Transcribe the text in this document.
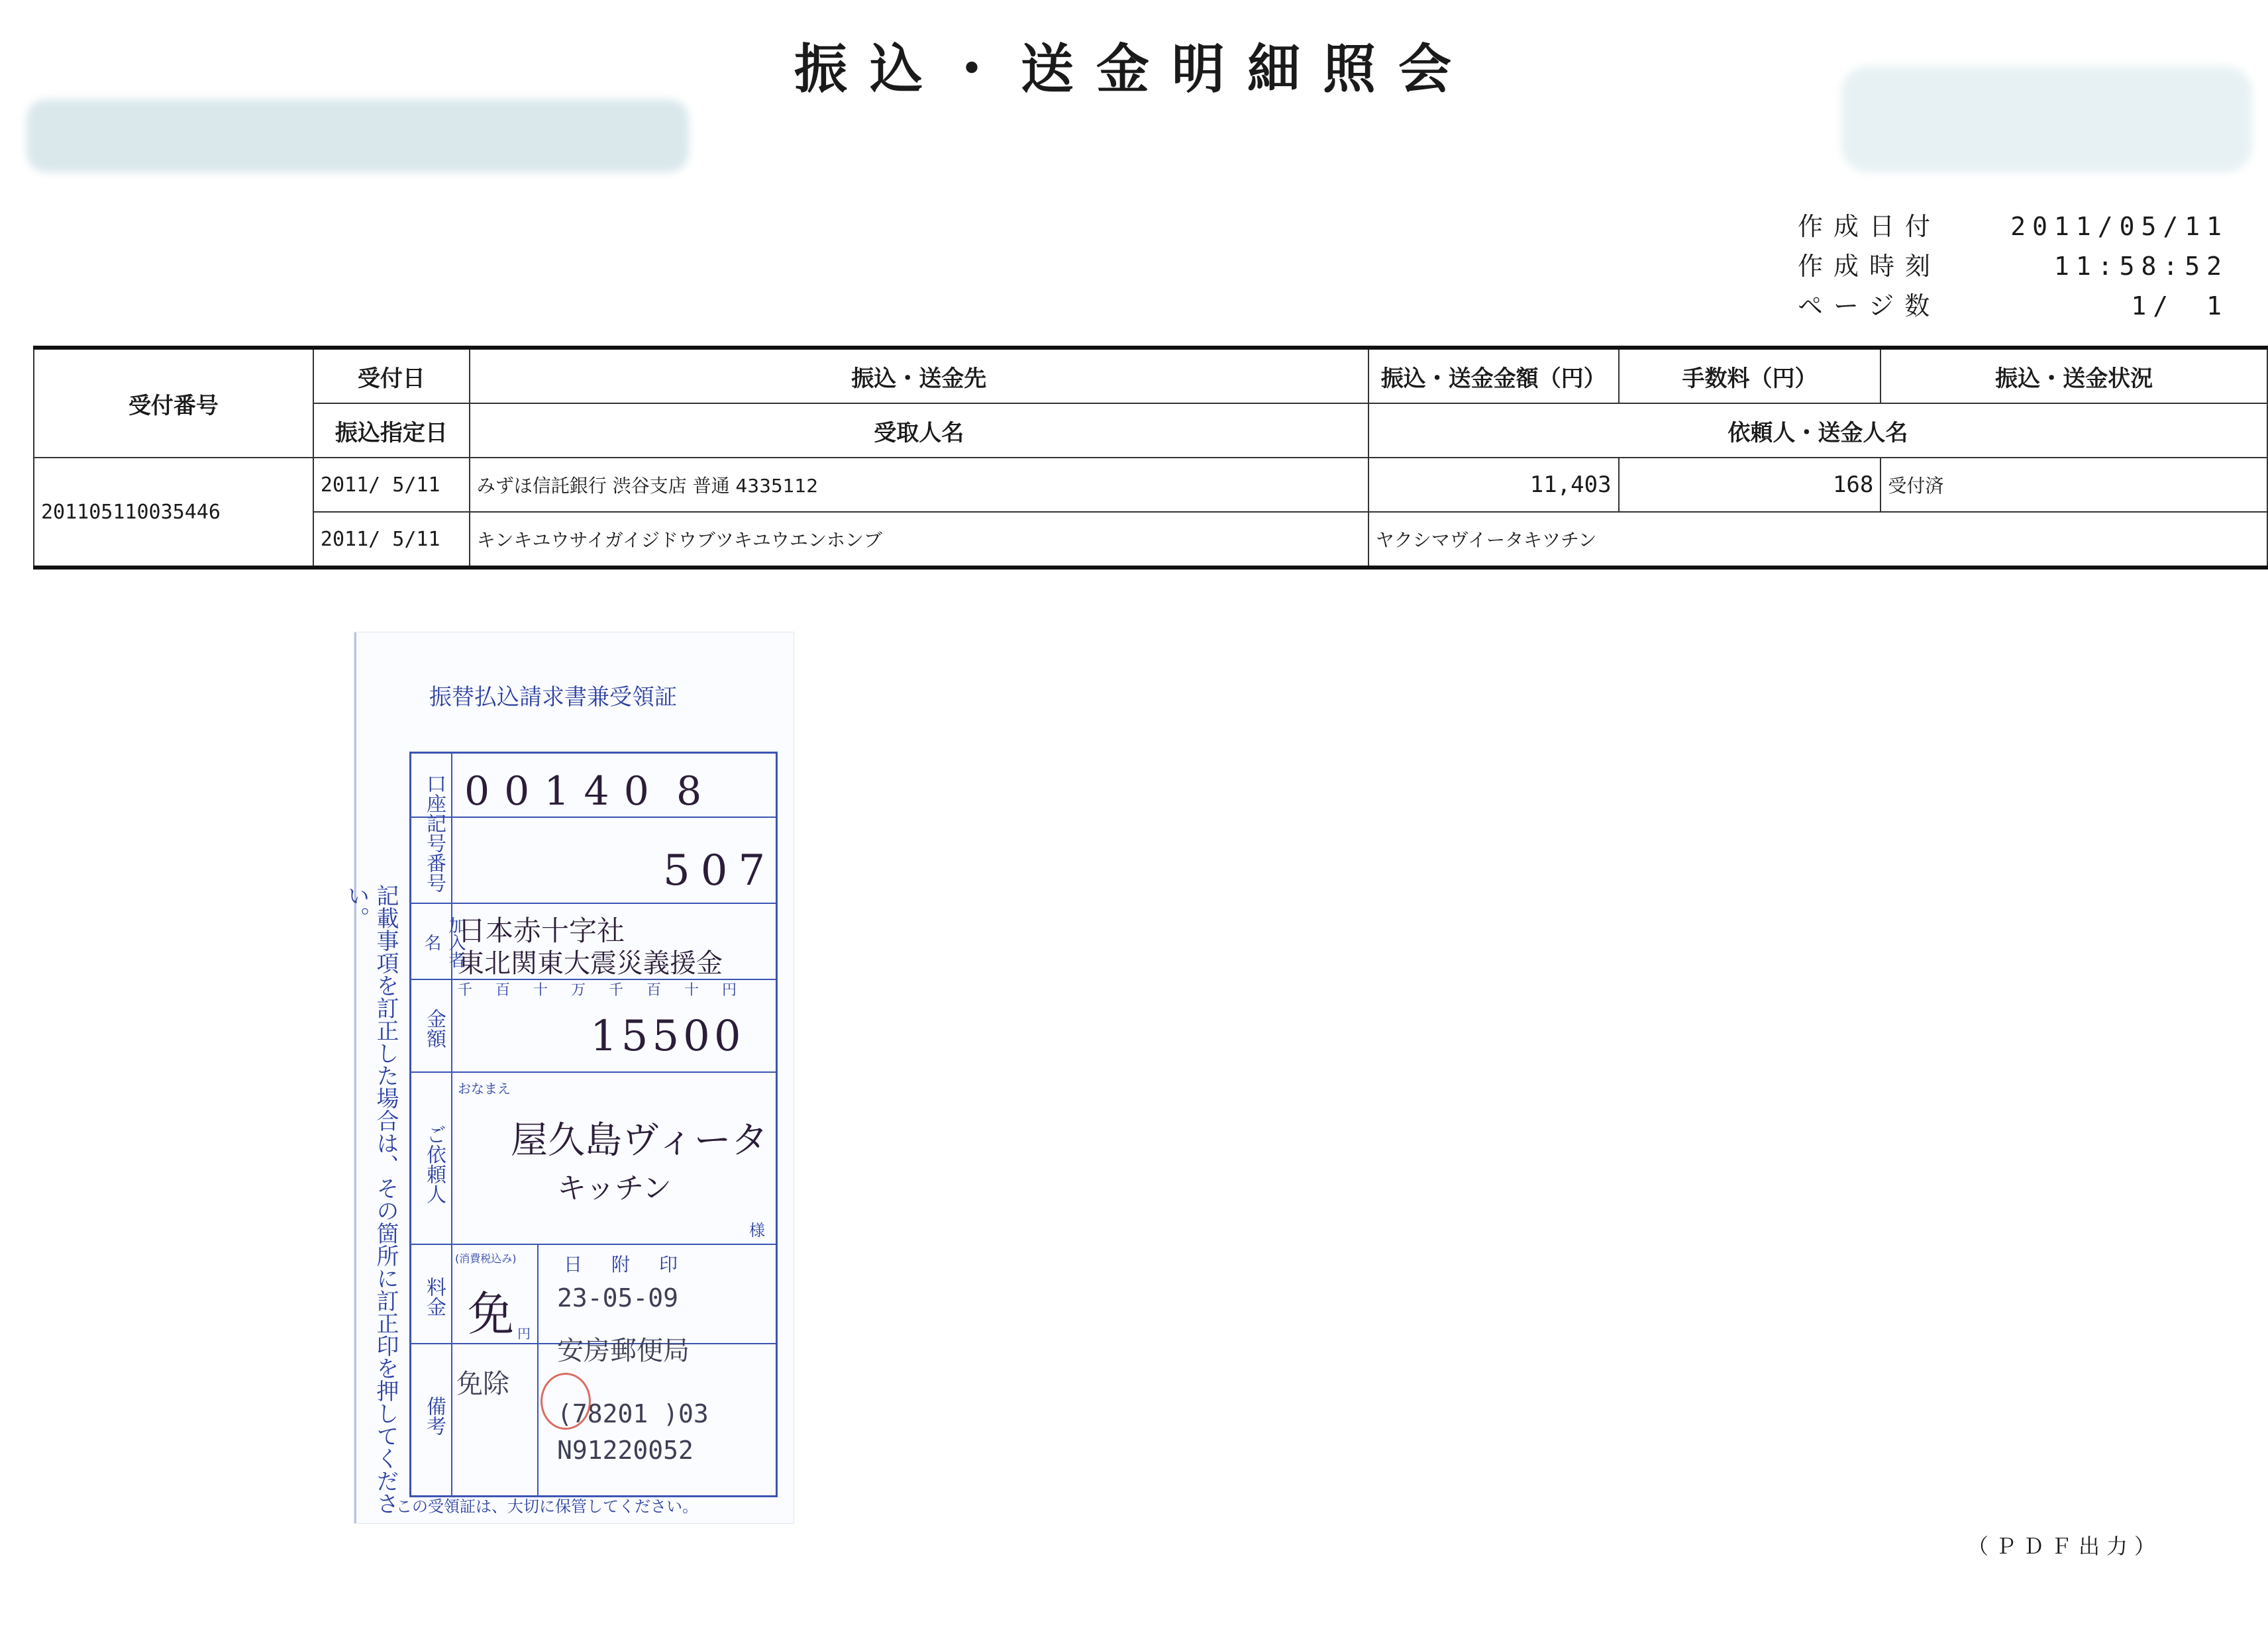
振込・送金明細照会
作成日付	2011/05/11
作成時刻	11:58:52
ページ数	1/　1
受付番号	受付日	振込・送金先	振込・送金金額（円）	手数料（円）	振込・送金状況
	振込指定日	受取人名	依頼人・送金人名		
201105110035446	2011/ 5/11	みずほ信託銀行 渋谷支店 普通 4335112	11,403	168	受付済
	2011/ 5/11	キンキユウサイガイジドウブツキユウエンホンブ	ヤクシマヴイータキツチン		
振替払込請求書兼受領証
記載事項を訂正した場合は、その箇所に訂正印を押してください。
口座記号番号
加入者名
金額
ご依頼人
料金
備考
千 百 十 万 千 百 十 円
おなまえ
様
(消費税込み)
円
日　附　印
00140 8
507
日本赤十字社
東北関東大震災義援金
15500
屋久島ヴィータ
キッチン
免
免除
23-05-09
安房郵便局
(78201 )03
N91220052
この受領証は、大切に保管してください。
（ＰＤＦ出力）
